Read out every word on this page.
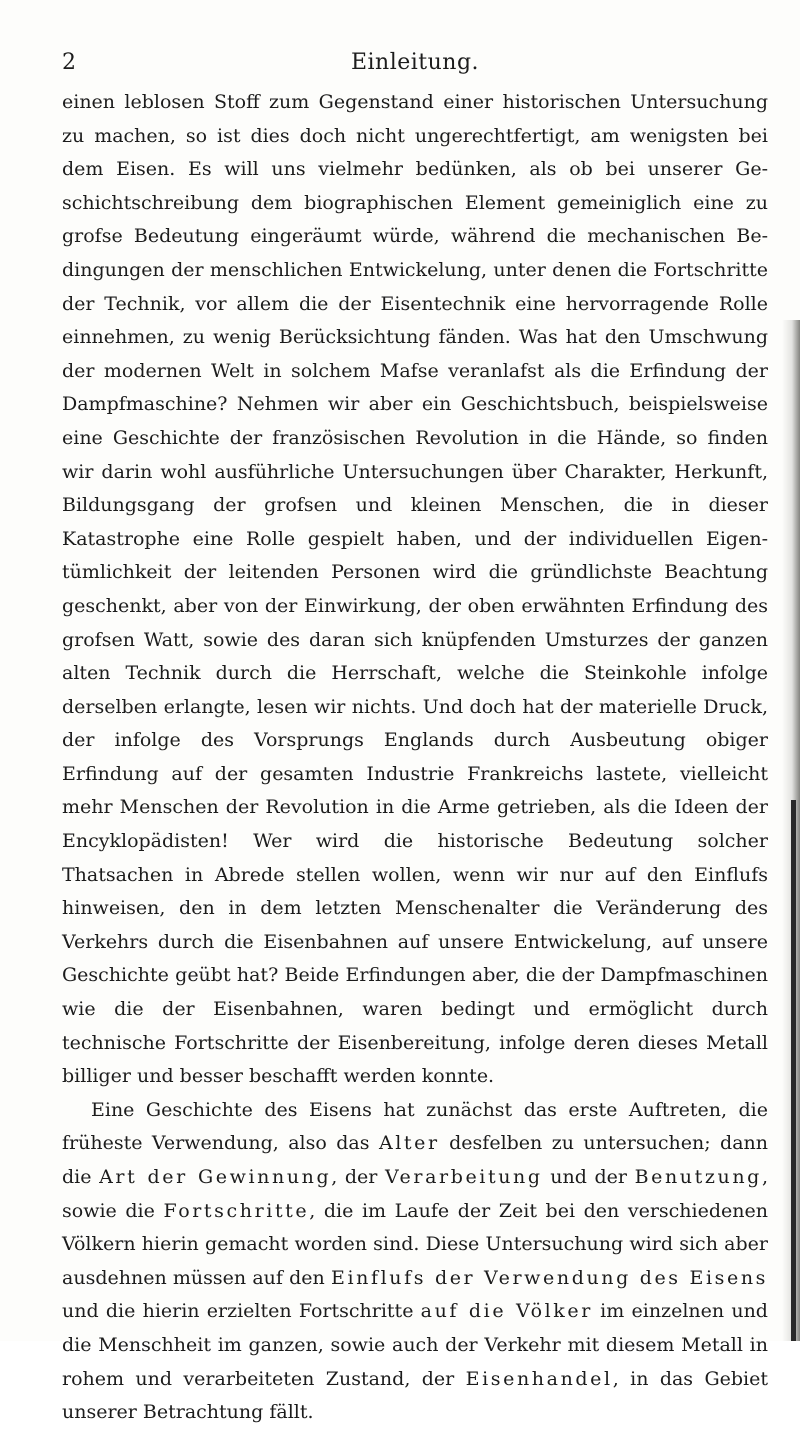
2	Einleitung.

einen leblosen Stoff zum Gegenstand einer historischen Untersuchung zu machen, so ist dies doch nicht ungerechtfertigt, am wenigsten bei dem Eisen. Es will uns vielmehr bedünken, als ob bei unserer Geschichtschreibung dem biographischen Element gemeiniglich eine zu grofse Bedeutung eingeräumt würde, während die mechanischen Bedingungen der menschlichen Entwickelung, unter denen die Fortschritte der Technik, vor allem die der Eisentechnik eine hervorragende Rolle einnehmen, zu wenig Berücksichtung fänden. Was hat den Umschwung der modernen Welt in solchem Mafse veranlafst als die Erfindung der Dampfmaschine? Nehmen wir aber ein Geschichtsbuch, beispielsweise eine Geschichte der französischen Revolution in die Hände, so finden wir darin wohl ausführliche Untersuchungen über Charakter, Herkunft, Bildungsgang der grofsen und kleinen Menschen, die in dieser Katastrophe eine Rolle gespielt haben, und der individuellen Eigentümlichkeit der leitenden Personen wird die gründlichste Beachtung geschenkt, aber von der Einwirkung, der oben erwähnten Erfindung des grofsen Watt, sowie des daran sich knüpfenden Umsturzes der ganzen alten Technik durch die Herrschaft, welche die Steinkohle infolge derselben erlangte, lesen wir nichts. Und doch hat der materielle Druck, der infolge des Vorsprungs Englands durch Ausbeutung obiger Erfindung auf der gesamten Industrie Frankreichs lastete, vielleicht mehr Menschen der Revolution in die Arme getrieben, als die Ideen der Encyklopädisten! Wer wird die historische Bedeutung solcher Thatsachen in Abrede stellen wollen, wenn wir nur auf den Einflufs hinweisen, den in dem letzten Menschenalter die Veränderung des Verkehrs durch die Eisenbahnen auf unsere Entwickelung, auf unsere Geschichte geübt hat? Beide Erfindungen aber, die der Dampfmaschinen wie die der Eisenbahnen, waren bedingt und ermöglicht durch technische Fortschritte der Eisenbereitung, infolge deren dieses Metall billiger und besser beschafft werden konnte.

Eine Geschichte des Eisens hat zunächst das erste Auftreten, die früheste Verwendung, also das Alter desfelben zu untersuchen; dann die Art der Gewinnung, der Verarbeitung und der Benutzung, sowie die Fortschritte, die im Laufe der Zeit bei den verschiedenen Völkern hierin gemacht worden sind. Diese Untersuchung wird sich aber ausdehnen müssen auf den Einflufs der Verwendung des Eisens und die hierin erzielten Fortschritte auf die Völker im einzelnen und die Menschheit im ganzen, sowie auch der Verkehr mit diesem Metall in rohem und verarbeiteten Zustand, der Eisenhandel, in das Gebiet unserer Betrachtung fällt.
